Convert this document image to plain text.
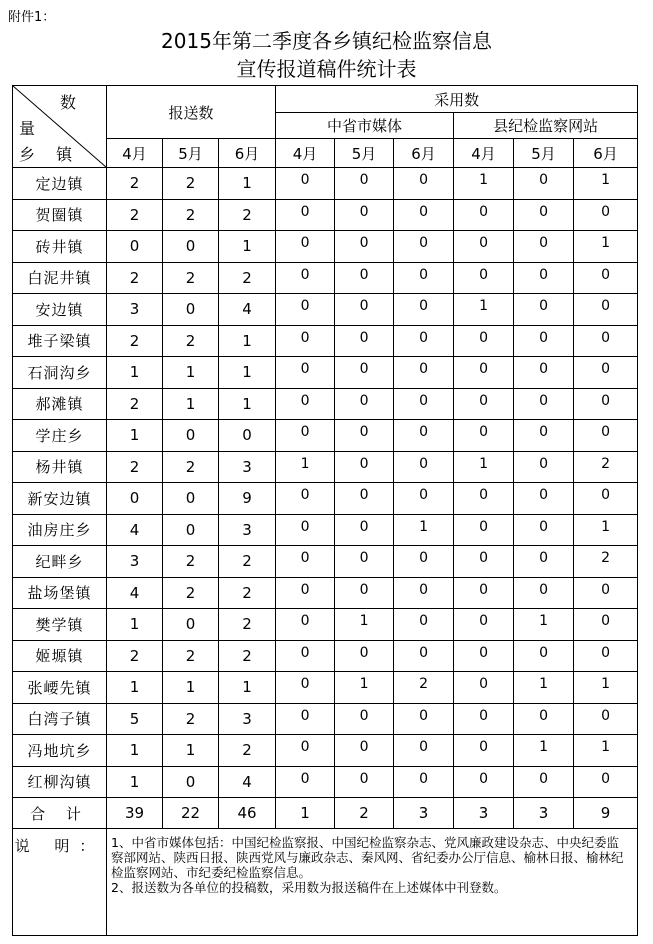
附件1：
2015年第二季度各乡镇纪检监察信息
宣传报道稿件统计表
数
量
乡 镇	报送数			采用数					
				中省市媒体			县纪检监察网站		
	4月	5月	6月	4月	5月	6月	4月	5月	6月
定边镇	2	2	1	0	0	0	1	0	1
贺圈镇	2	2	2	0	0	0	0	0	0
砖井镇	0	0	1	0	0	0	0	0	1
白泥井镇	2	2	2	0	0	0	0	0	0
安边镇	3	0	4	0	0	0	1	0	0
堆子梁镇	2	2	1	0	0	0	0	0	0
石洞沟乡	1	1	1	0	0	0	0	0	0
郝滩镇	2	1	1	0	0	0	0	0	0
学庄乡	1	0	0	0	0	0	0	0	0
杨井镇	2	2	3	1	0	0	1	0	2
新安边镇	0	0	9	0	0	0	0	0	0
油房庄乡	4	0	3	0	0	1	0	0	1
纪畔乡	3	2	2	0	0	0	0	0	2
盐场堡镇	4	2	2	0	0	0	0	0	0
樊学镇	1	0	2	0	1	0	0	1	0
姬塬镇	2	2	2	0	0	0	0	0	0
张崾先镇	1	1	1	0	1	2	0	1	1
白湾子镇	5	2	3	0	0	0	0	0	0
冯地坑乡	1	1	2	0	0	0	0	1	1
红柳沟镇	1	0	4	0	0	0	0	0	0
合 计	39	22	46	1	2	3	3	3	9
说 明：	1、中省市媒体包括：中国纪检监察报、中国纪检监察杂志、党风廉政建设杂志、中央纪委监察部网站、陕西日报、陕西党风与廉政杂志、秦风网、省纪委办公厅信息、榆林日报、榆林纪检监察网站、市纪委纪检监察信息。
2、报送数为各单位的投稿数，采用数为报送稿件在上述媒体中刊登数。								
